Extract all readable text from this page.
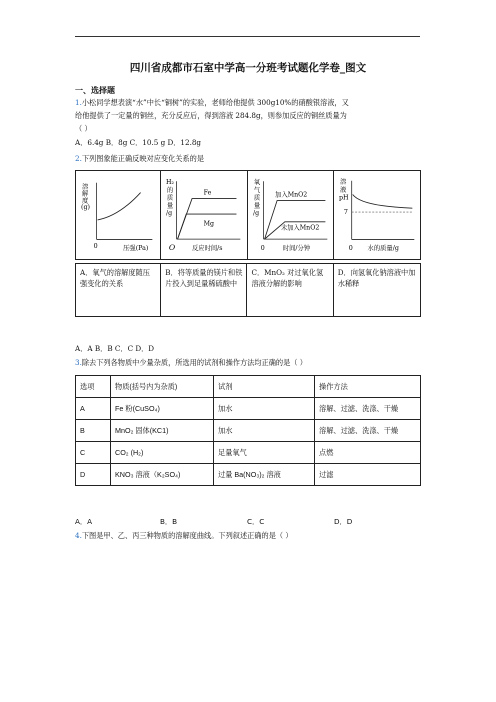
四川省成都市石室中学高一分班考试题化学卷_图文
一、选择题
1.小松同学想表演“水”中长“铜树”的实验，老师给他提供 300g10%的硝酸银溶液，又
给他提供了一定量的铜丝，充分反应后，得到溶液 284.8g，则参加反应的铜丝质量为
（ ）
A．6.4g B．8g C．10.5 g D．12.8g
2.下列图象能正确反映对应变化关系的是
溶 解 度 (g)
0	压强(Pa)

H₂ 的 质 量 /g
Fe
Mg
O	反应时间/s

氧 气 质 量 /g
加入MnO2
未加入MnO2
0	时间/分钟

溶 液 pH
7
0 水的质量/g
A．氧气的溶解度随压强变化的关系	B．将等质量的镁片和铁片投入到足量稀硫酸中	C．MnO₂ 对过氧化氢溶液分解的影响	D．向氢氧化钠溶液中加水稀释
A．A B．B C．C D．D
3.除去下列各物质中少量杂质，所选用的试剂和操作方法均正确的是（ ）
选项	物质(括号内为杂质)	试剂	操作方法
A	Fe 粉(CuSO₄)	加水	溶解、过滤、洗涤、干燥
B	MnO₂ 固体(KC1)	加水	溶解、过滤、洗涤、干燥
C	CO₂ (H₂)	足量氧气	点燃
D	KNO₃ 溶液（K₂SO₄)	过量 Ba(NO₃)₂ 溶液	过滤
A．A	B．B	C．C	D．D
4.下图是甲、乙、丙三种物质的溶解度曲线。下列叙述正确的是（ ）
